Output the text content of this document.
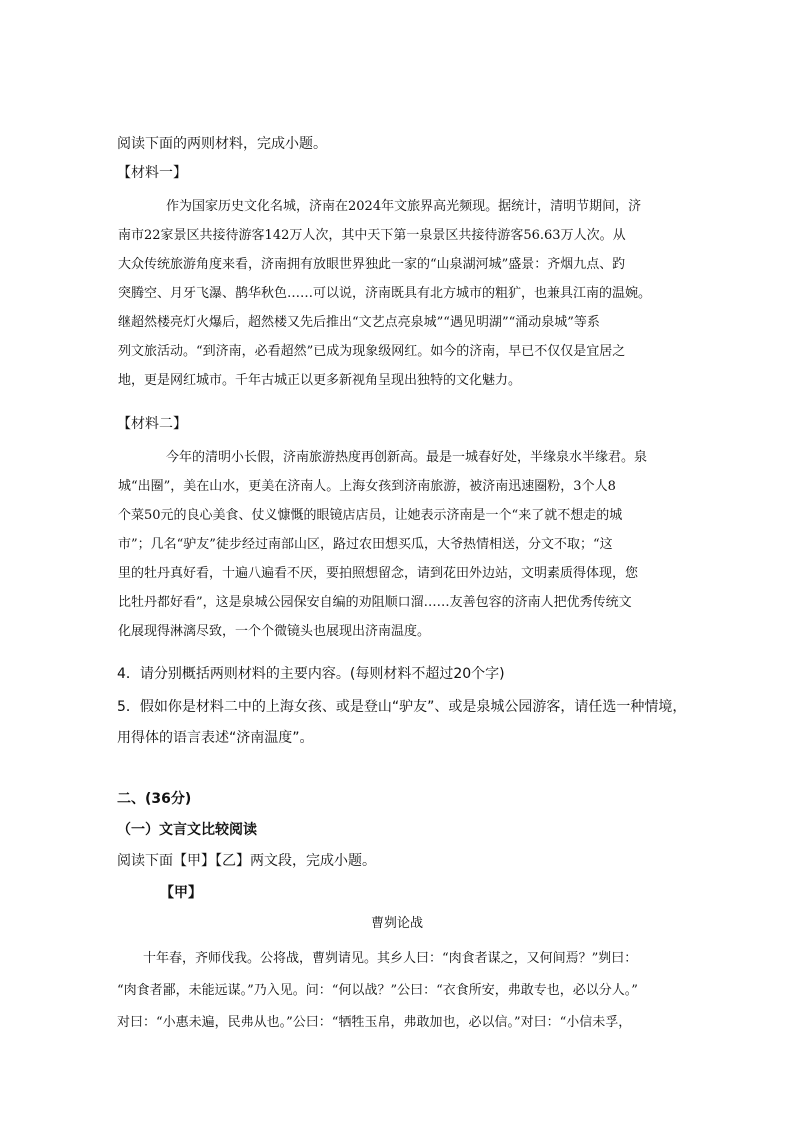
阅读下面的两则材料，完成小题。
【材料一】

作为国家历史文化名城，济南在2024年文旅界高光频现。据统计，清明节期间，济

南市22家景区共接待游客142万人次，其中天下第一泉景区共接待游客56.63万人次。从

大众传统旅游角度来看，济南拥有放眼世界独此一家的“山泉湖河城”盛景：齐烟九点、趵

突腾空、月牙飞瀑、鹊华秋色……可以说，济南既具有北方城市的粗犷，也兼具江南的温婉。

继超然楼亮灯火爆后，超然楼又先后推出“文艺点亮泉城”“遇见明湖”“涌动泉城”等系

列文旅活动。“到济南，必看超然”已成为现象级网红。如今的济南，早已不仅仅是宜居之

地，更是网红城市。千年古城正以更多新视角呈现出独特的文化魅力。

【材料二】

今年的清明小长假，济南旅游热度再创新高。最是一城春好处，半缘泉水半缘君。泉

城“出圈”，美在山水，更美在济南人。上海女孩到济南旅游，被济南迅速圈粉，3个人8

个菜50元的良心美食、仗义慷慨的眼镜店店员，让她表示济南是一个“来了就不想走的城

市”；几名“驴友”徒步经过南部山区，路过农田想买瓜，大爷热情相送，分文不取；“这

里的牡丹真好看，十遍八遍看不厌，要拍照想留念，请到花田外边站，文明素质得体现，您

比牡丹都好看”，这是泉城公园保安自编的劝阻顺口溜……友善包容的济南人把优秀传统文

化展现得淋漓尽致，一个个微镜头也展现出济南温度。

4．请分别概括两则材料的主要内容。(每则材料不超过20个字)
5．假如你是材料二中的上海女孩、或是登山“驴友”、或是泉城公园游客，请任选一种情境，
用得体的语言表述“济南温度”。
二、(36分)
（一）文言文比较阅读
阅读下面【甲】【乙】两文段，完成小题。
【甲】
曹刿论战

十年春，齐师伐我。公将战，曹刿请见。其乡人曰：“肉食者谋之，又何间焉？”刿曰：

“肉食者鄙，未能远谋。”乃入见。问：“何以战？”公曰：“衣食所安，弗敢专也，必以分人。”

对曰：“小惠未遍，民弗从也。”公曰：“牺牲玉帛，弗敢加也，必以信。”对曰：“小信未孚，
